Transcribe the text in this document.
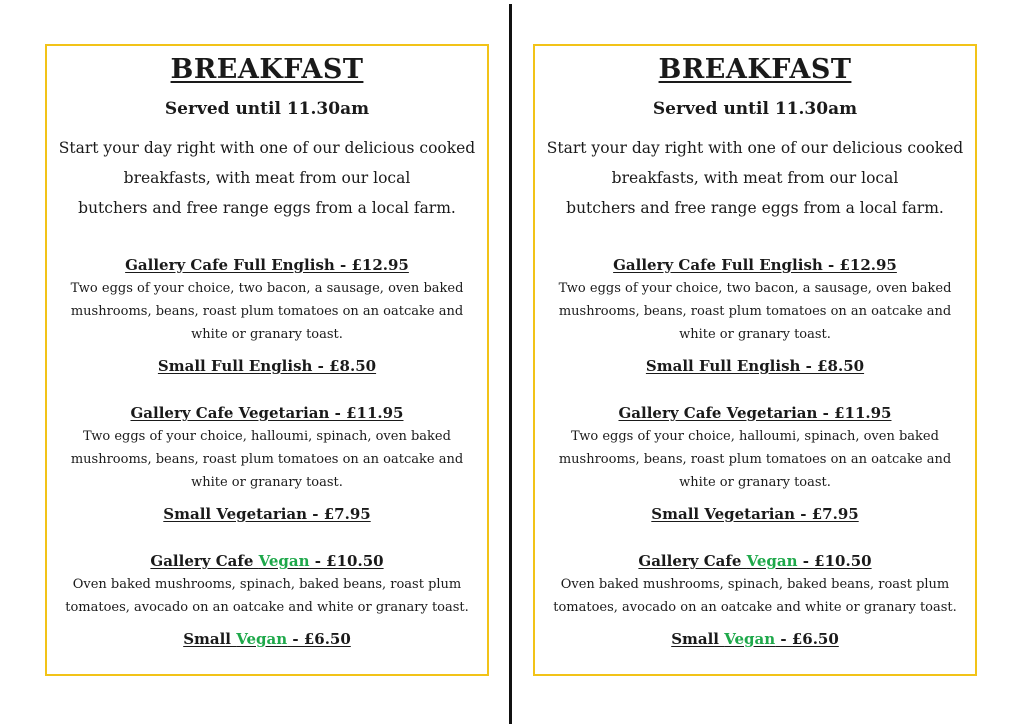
BREAKFAST
Served until 11.30am
Start your day right with one of our delicious cooked
breakfasts, with meat from our local
butchers and free range eggs from a local farm.
Gallery Cafe Full English - £12.95
Two eggs of your choice, two bacon, a sausage, oven baked
mushrooms, beans, roast plum tomatoes on an oatcake and
white or granary toast.
Small Full English - £8.50
Gallery Cafe Vegetarian - £11.95
Two eggs of your choice, halloumi, spinach, oven baked
mushrooms, beans, roast plum tomatoes on an oatcake and
white or granary toast.
Small Vegetarian - £7.95
Gallery Cafe Vegan - £10.50
Oven baked mushrooms, spinach, baked beans, roast plum
tomatoes, avocado on an oatcake and white or granary toast.
Small Vegan - £6.50
BREAKFAST
Served until 11.30am
Start your day right with one of our delicious cooked
breakfasts, with meat from our local
butchers and free range eggs from a local farm.
Gallery Cafe Full English - £12.95
Two eggs of your choice, two bacon, a sausage, oven baked
mushrooms, beans, roast plum tomatoes on an oatcake and
white or granary toast.
Small Full English - £8.50
Gallery Cafe Vegetarian - £11.95
Two eggs of your choice, halloumi, spinach, oven baked
mushrooms, beans, roast plum tomatoes on an oatcake and
white or granary toast.
Small Vegetarian - £7.95
Gallery Cafe Vegan - £10.50
Oven baked mushrooms, spinach, baked beans, roast plum
tomatoes, avocado on an oatcake and white or granary toast.
Small Vegan - £6.50
